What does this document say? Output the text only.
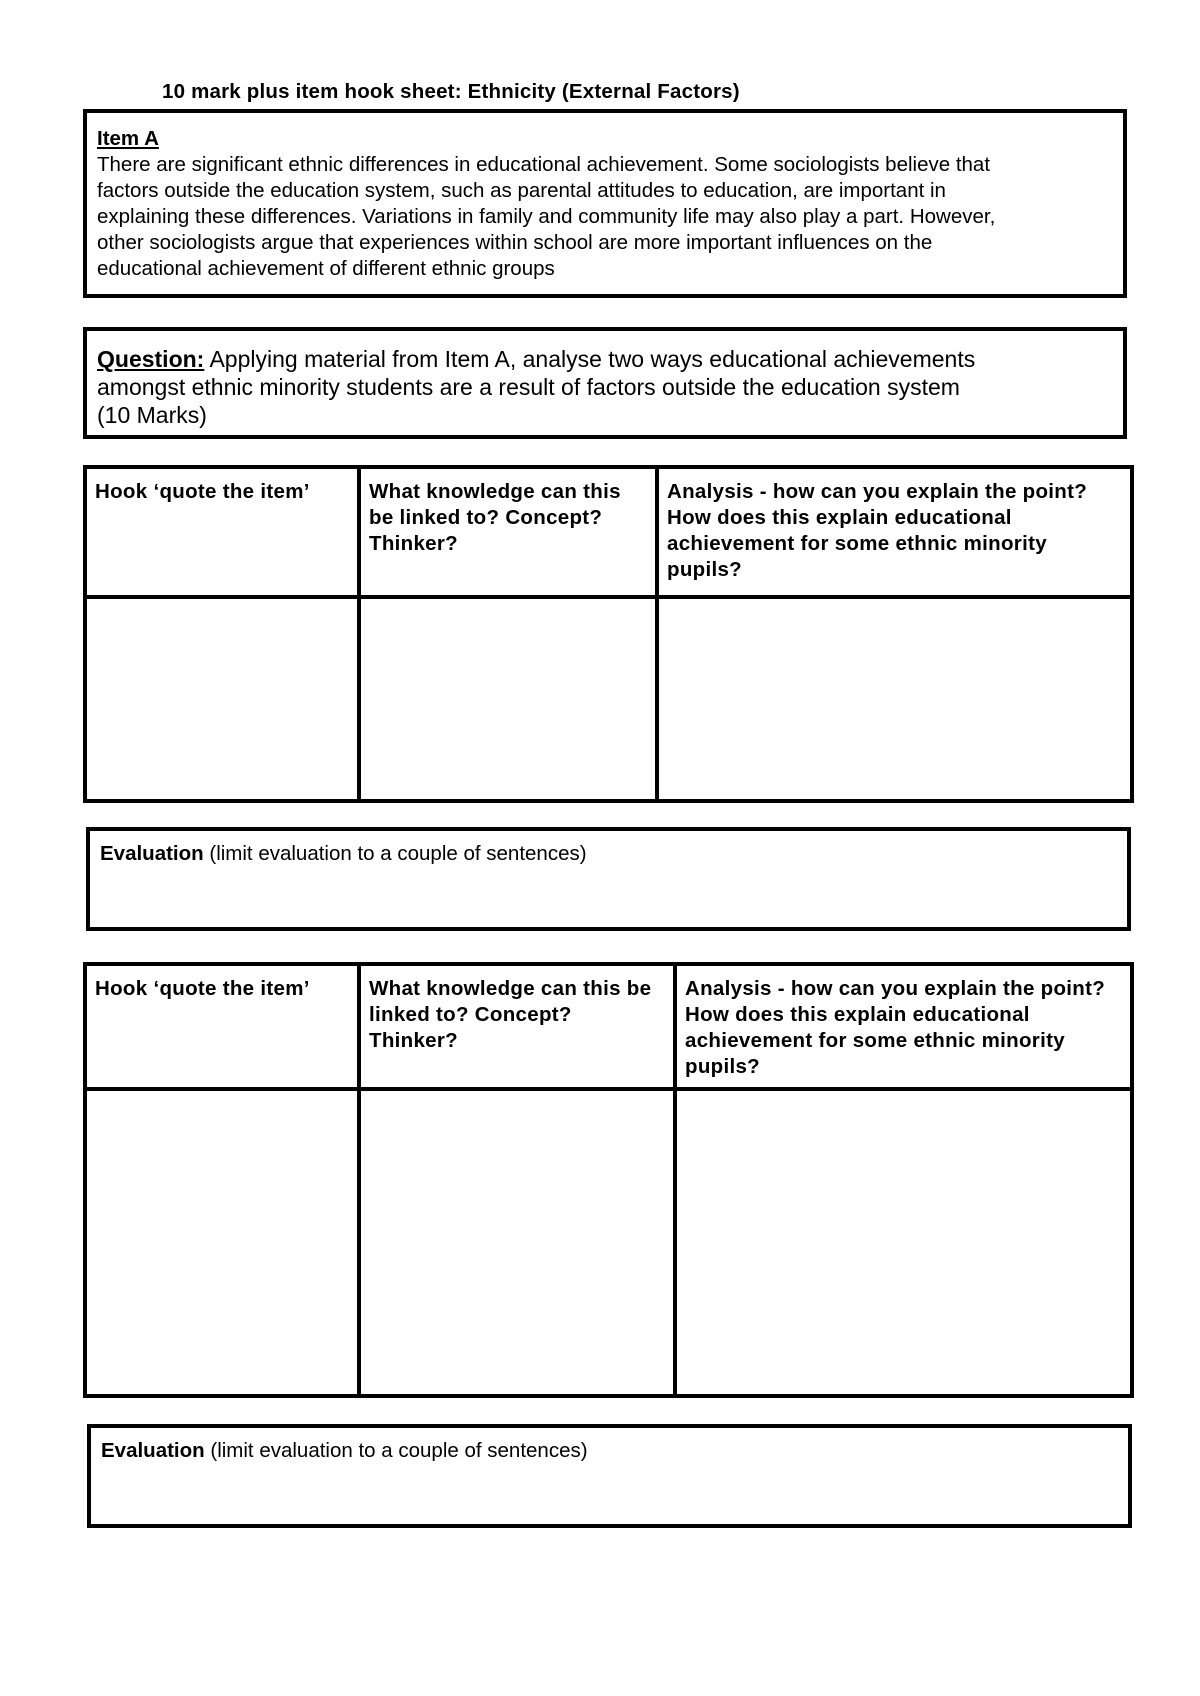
10 mark plus item hook sheet: Ethnicity (External Factors)
Item A
There are significant ethnic differences in educational achievement. Some sociologists believe that
factors outside the education system, such as parental attitudes to education, are important in
explaining these differences. Variations in family and community life may also play a part. However,
other sociologists argue that experiences within school are more important influences on the
educational achievement of different ethnic groups
Question: Applying material from Item A, analyse two ways educational achievements
amongst ethnic minority students are a result of factors outside the education system
(10 Marks)
Hook ‘quote the item’	What knowledge can this be linked to? Concept? Thinker?	Analysis - how can you explain the point? How does this explain educational achievement for some ethnic minority pupils?

Evaluation (limit evaluation to a couple of sentences)
Hook ‘quote the item’	What knowledge can this be linked to? Concept? Thinker?	Analysis - how can you explain the point? How does this explain educational achievement for some ethnic minority pupils?

Evaluation (limit evaluation to a couple of sentences)
